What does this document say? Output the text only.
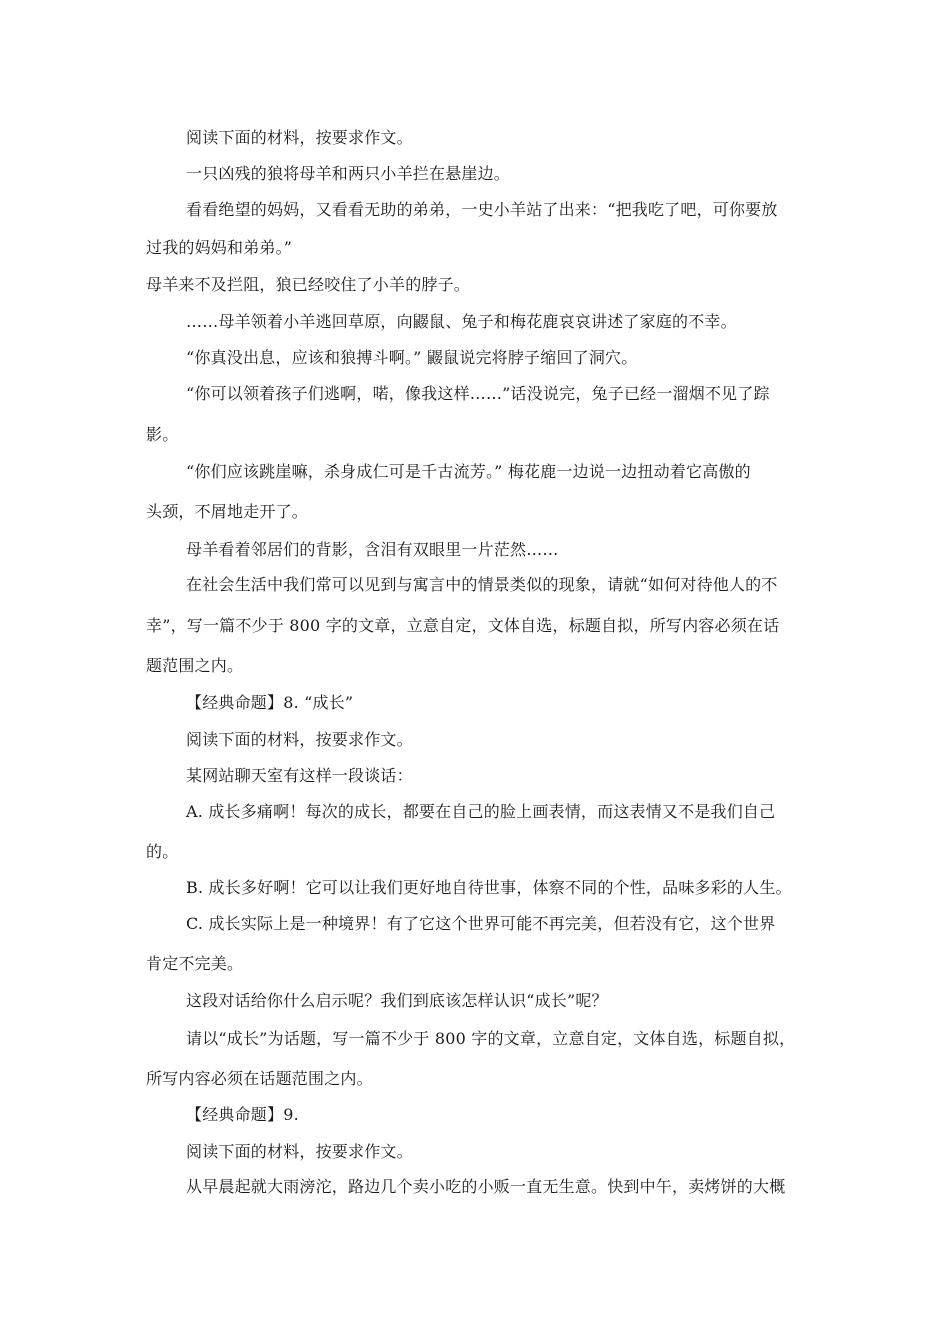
阅读下面的材料，按要求作文。
一只凶残的狼将母羊和两只小羊拦在悬崖边。
看看绝望的妈妈，又看看无助的弟弟，一史小羊站了出来：“把我吃了吧，可你要放
过我的妈妈和弟弟。”
母羊来不及拦阻，狼已经咬住了小羊的脖子。
……母羊领着小羊逃回草原，向鼹鼠、兔子和梅花鹿哀哀讲述了家庭的不幸。
“你真没出息，应该和狼搏斗啊。” 鼹鼠说完将脖子缩回了洞穴。
“你可以领着孩子们逃啊，喏，像我这样……”话没说完，兔子已经一溜烟不见了踪
影。
“你们应该跳崖嘛，杀身成仁可是千古流芳。” 梅花鹿一边说一边扭动着它高傲的
头颈，不屑地走开了。
母羊看着邻居们的背影，含泪有双眼里一片茫然……
在社会生活中我们常可以见到与寓言中的情景类似的现象，请就“如何对待他人的不
幸”，写一篇不少于 800 字的文章，立意自定，文体自选，标题自拟，所写内容必须在话
题范围之内。
【经典命题】8. “成长”
阅读下面的材料，按要求作文。
某网站聊天室有这样一段谈话：
A. 成长多痛啊！每次的成长，都要在自己的脸上画表情，而这表情又不是我们自己
的。
B. 成长多好啊！它可以让我们更好地自待世事，体察不同的个性，品味多彩的人生。
C. 成长实际上是一种境界！有了它这个世界可能不再完美，但若没有它，这个世界
肯定不完美。
这段对话给你什么启示呢？我们到底该怎样认识“成长”呢？
请以“成长”为话题，写一篇不少于 800 字的文章，立意自定，文体自选，标题自拟，
所写内容必须在话题范围之内。
【经典命题】9.
阅读下面的材料，按要求作文。
从早晨起就大雨滂沱，路边几个卖小吃的小贩一直无生意。快到中午，卖烤饼的大概
